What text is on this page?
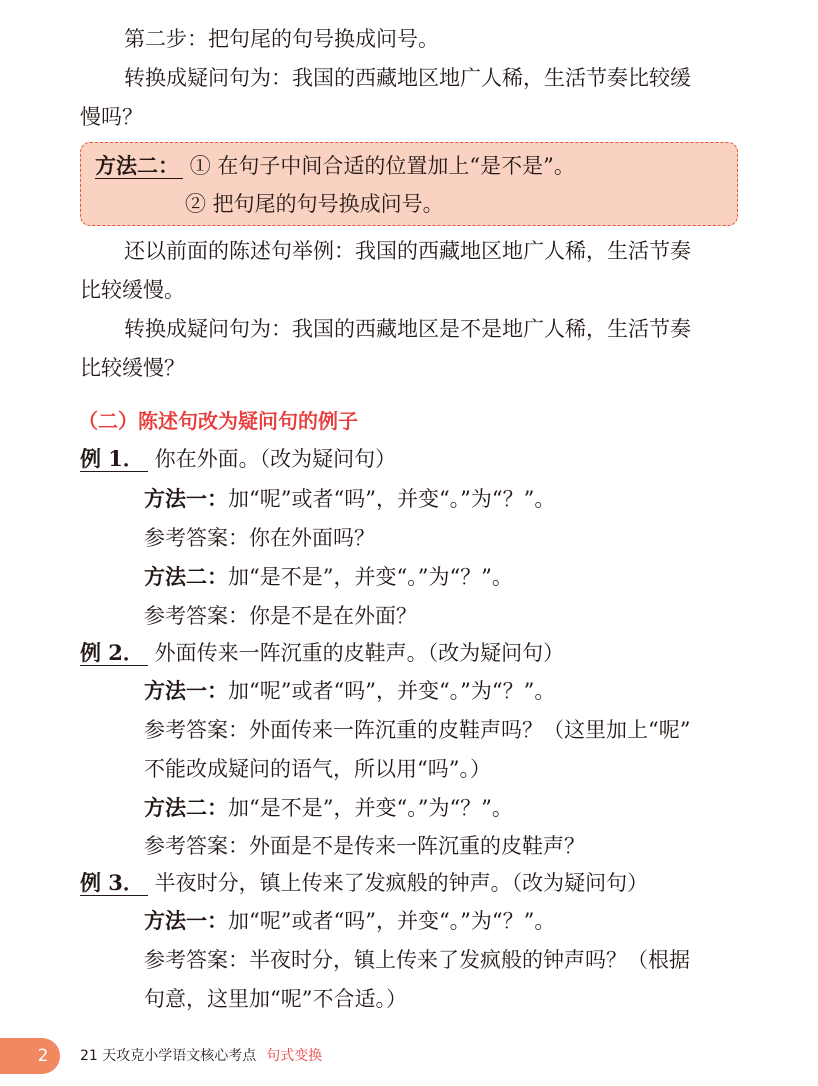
第二步：把句尾的句号换成问号。
转换成疑问句为：我国的西藏地区地广人稀，生活节奏比较缓
慢吗？
方法二： ① 在句子中间合适的位置加上“是不是”。
② 把句尾的句号换成问号。
还以前面的陈述句举例：我国的西藏地区地广人稀，生活节奏
比较缓慢。
转换成疑问句为：我国的西藏地区是不是地广人稀，生活节奏
比较缓慢？
（二）陈述句改为疑问句的例子
例 1． 你在外面。（改为疑问句）
方法一：加“呢”或者“吗”，并变“。”为“？”。
参考答案：你在外面吗？
方法二：加“是不是”，并变“。”为“？”。
参考答案：你是不是在外面？
例 2． 外面传来一阵沉重的皮鞋声。（改为疑问句）
方法一：加“呢”或者“吗”，并变“。”为“？”。
参考答案：外面传来一阵沉重的皮鞋声吗？（这里加上“呢”
不能改成疑问的语气，所以用“吗”。）
方法二：加“是不是”，并变“。”为“？”。
参考答案：外面是不是传来一阵沉重的皮鞋声？
例 3． 半夜时分，镇上传来了发疯般的钟声。（改为疑问句）
方法一：加“呢”或者“吗”，并变“。”为“？”。
参考答案：半夜时分，镇上传来了发疯般的钟声吗？（根据
句意，这里加“呢”不合适。）
2	21 天攻克小学语文核心考点 句式变换
